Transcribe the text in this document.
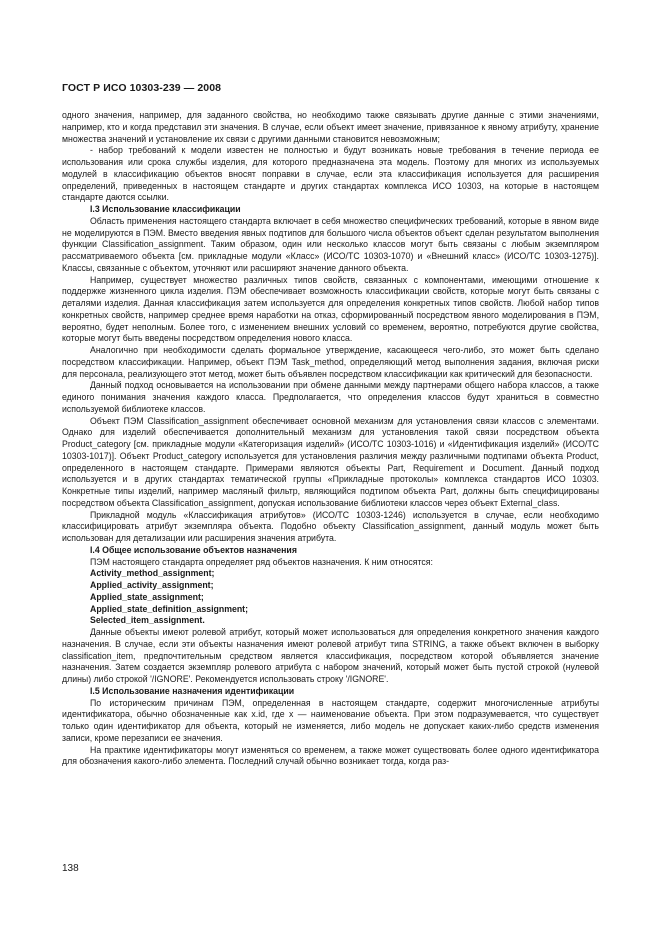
ГОСТ Р ИСО 10303-239 — 2008

одного значения, например, для заданного свойства, но необходимо также связывать другие данные с этими значениями, например, кто и когда представил эти значения. В случае, если объект имеет значение, привязанное к явному атрибуту, хранение множества значений и установление их связи с другими данными становится невозможным;

- набор требований к модели известен не полностью и будут возникать новые требования в течение периода ее использования или срока службы изделия, для которого предназначена эта модель. Поэтому для многих из используемых модулей в классификацию объектов вносят поправки в случае, если эта классификация используется для расширения определений, приведенных в настоящем стандарте и других стандартах комплекса ИСО 10303, на которые в настоящем стандарте даются ссылки.

I.3 Использование классификации

Область применения настоящего стандарта включает в себя множество специфических требований, которые в явном виде не моделируются в ПЭМ. Вместо введения явных подтипов для большого числа объектов объект сделан результатом выполнения функции Classification_assignment. Таким образом, один или несколько классов могут быть связаны с любым экземпляром рассматриваемого объекта [см. прикладные модули «Класс» (ИСО/ТС 10303-1070) и «Внешний класс» (ИСО/ТС 10303-1275)]. Классы, связанные с объектом, уточняют или расширяют значение данного объекта.

Например, существует множество различных типов свойств, связанных с компонентами, имеющими отношение к поддержке жизненного цикла изделия. ПЭМ обеспечивает возможность классификации свойств, которые могут быть связаны с деталями изделия. Данная классификация затем используется для определения конкретных типов свойств. Любой набор типов конкретных свойств, например среднее время наработки на отказ, сформированный посредством явного моделирования в ПЭМ, вероятно, будет неполным. Более того, с изменением внешних условий со временем, вероятно, потребуются другие свойства, которые могут быть введены посредством определения нового класса.

Аналогично при необходимости сделать формальное утверждение, касающееся чего-либо, это может быть сделано посредством классификации. Например, объект ПЭМ Task_method, определяющий метод выполнения задания, включая риски для персонала, реализующего этот метод, может быть объявлен посредством классификации как критический для безопасности.

Данный подход основывается на использовании при обмене данными между партнерами общего набора классов, а также единого понимания значения каждого класса. Предполагается, что определения классов будут храниться в совместно используемой библиотеке классов.

Объект ПЭМ Classification_assignment обеспечивает основной механизм для установления связи классов с элементами. Однако для изделий обеспечивается дополнительный механизм для установления такой связи посредством объекта Product_category [см. прикладные модули «Категоризация изделий» (ИСО/ТС 10303-1016) и «Идентификация изделий» (ИСО/ТС 10303-1017)]. Объект Product_category используется для установления различия между различными подтипами объекта Product, определенного в настоящем стандарте. Примерами являются объекты Part, Requirement и Document. Данный подход используется и в других стандартах тематической группы «Прикладные протоколы» комплекса стандартов ИСО 10303. Конкретные типы изделий, например масляный фильтр, являющийся подтипом объекта Part, должны быть специфицированы посредством объекта Classification_assignment, допуская использование библиотеки классов через объект External_class.

Прикладной модуль «Классификация атрибутов» (ИСО/ТС 10303-1246) используется в случае, если необходимо классифицировать атрибут экземпляра объекта. Подобно объекту Classification_assignment, данный модуль может быть использован для детализации или расширения значения атрибута.

I.4 Общее использование объектов назначения

ПЭМ настоящего стандарта определяет ряд объектов назначения. К ним относятся:

Activity_method_assignment;
Applied_activity_assignment;
Applied_state_assignment;
Applied_state_definition_assignment;
Selected_item_assignment.

Данные объекты имеют ролевой атрибут, который может использоваться для определения конкретного значения каждого назначения. В случае, если эти объекты назначения имеют ролевой атрибут типа STRING, а также объект включен в выборку classification_item, предпочтительным средством является классификация, посредством которой объявляется значение назначения. Затем создается экземпляр ролевого атрибута с набором значений, который может быть пустой строкой (нулевой длины) либо строкой '/IGNORE'. Рекомендуется использовать строку '/IGNORE'.

I.5 Использование назначения идентификации

По историческим причинам ПЭМ, определенная в настоящем стандарте, содержит многочисленные атрибуты идентификатора, обычно обозначенные как x.id, где x — наименование объекта. При этом подразумевается, что существует только один идентификатор для объекта, который не изменяется, либо модель не допускает каких-либо средств изменения записи, кроме перезаписи ее значения.

На практике идентификаторы могут изменяться со временем, а также может существовать более одного идентификатора для обозначения какого-либо элемента. Последний случай обычно возникает тогда, когда раз-

138
